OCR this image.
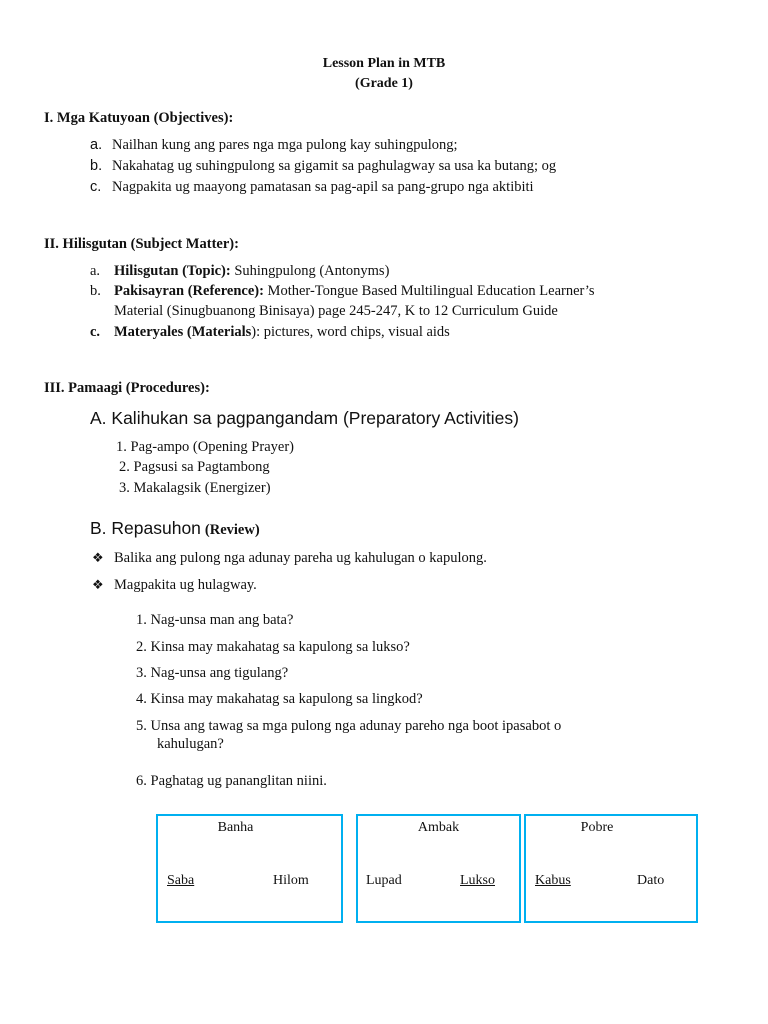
Lesson Plan in MTB
(Grade 1)
I. Mga Katuyoan (Objectives):
a. Nailhan kung ang pares nga mga pulong kay suhingpulong;
b. Nakahatag ug suhingpulong sa gigamit sa paghulagway sa usa ka butang; og
c. Nagpakita ug maayong pamatasan sa pag-apil sa pang-grupo nga aktibiti
II. Hilisgutan (Subject Matter):
a. Hilisgutan (Topic): Suhingpulong (Antonyms)
b. Pakisayran (Reference): Mother-Tongue Based Multilingual Education Learner’s
Material (Sinugbuanong Binisaya) page 245-247, K to 12 Curriculum Guide
c. Materyales (Materials): pictures, word chips, visual aids
III. Pamaagi (Procedures):
A. Kalihukan sa pagpangandam (Preparatory Activities)
1. Pag-ampo (Opening Prayer)
2. Pagsusi sa Pagtambong
3. Makalagsik (Energizer)
B. Repasuhon (Review)
❖ Balika ang pulong nga adunay pareha ug kahulugan o kapulong.
❖ Magpakita ug hulagway.
1. Nag-unsa man ang bata?
2. Kinsa may makahatag sa kapulong sa lukso?
3. Nag-unsa ang tigulang?
4. Kinsa may makahatag sa kapulong sa lingkod?
5. Unsa ang tawag sa mga pulong nga adunay pareho nga boot ipasabot o
kahulugan?
6. Paghatag ug pananglitan niini.
Banha
Saba	Hilom
Ambak
Lupad	Lukso
Pobre
Kabus	Dato
